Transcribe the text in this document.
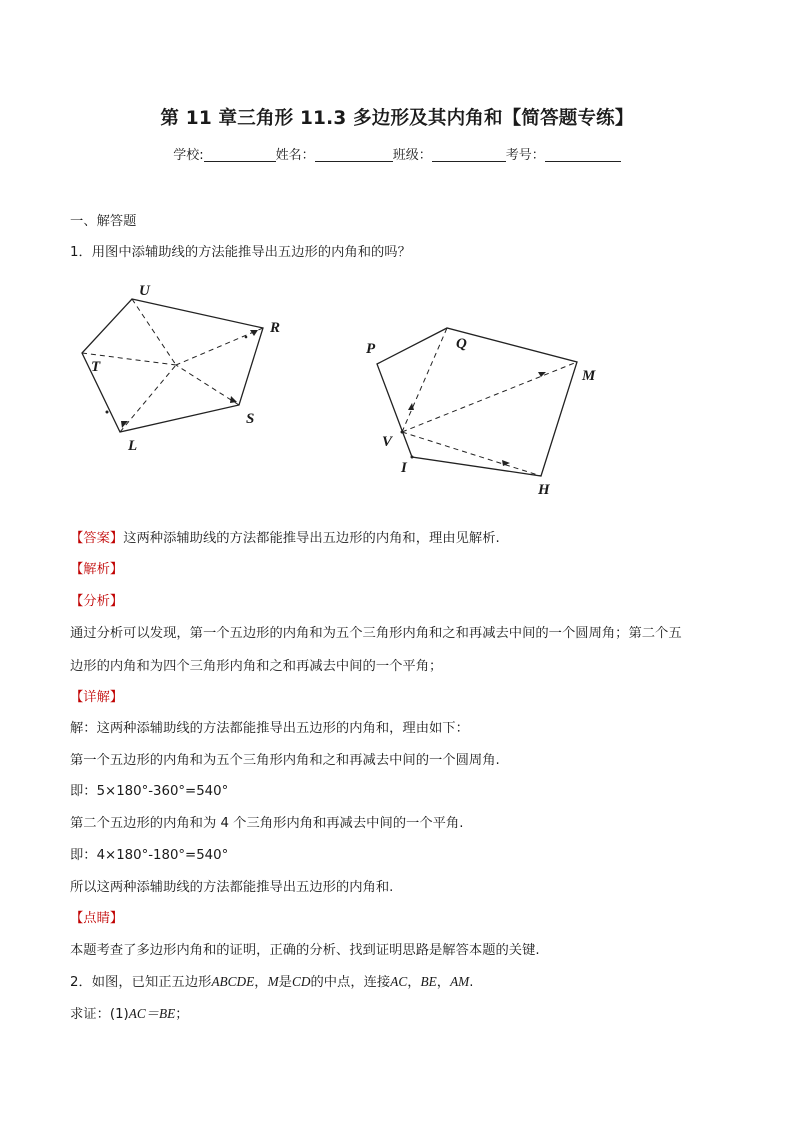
第 11 章三角形 11.3 多边形及其内角和【简答题专练】
学校:	姓名：	班级：	考号：
一、解答题
1．用图中添辅助线的方法能推导出五边形的内角和的吗？
U
R
T
S
L
P	Q
M
V
I
H
【答案】这两种添辅助线的方法都能推导出五边形的内角和，理由见解析.
【解析】
【分析】
通过分析可以发现，第一个五边形的内角和为五个三角形内角和之和再减去中间的一个圆周角；第二个五
边形的内角和为四个三角形内角和之和再减去中间的一个平角；
【详解】
解：这两种添辅助线的方法都能推导出五边形的内角和，理由如下：
第一个五边形的内角和为五个三角形内角和之和再减去中间的一个圆周角.
即：5×180°-360°=540°
第二个五边形的内角和为 4 个三角形内角和再减去中间的一个平角.
即：4×180°-180°=540°
所以这两种添辅助线的方法都能推导出五边形的内角和.
【点睛】
本题考查了多边形内角和的证明，正确的分析、找到证明思路是解答本题的关键.
2．如图，已知正五边形ABCDE，M是CD的中点，连接AC，BE，AM.
求证：(1)AC＝BE；
